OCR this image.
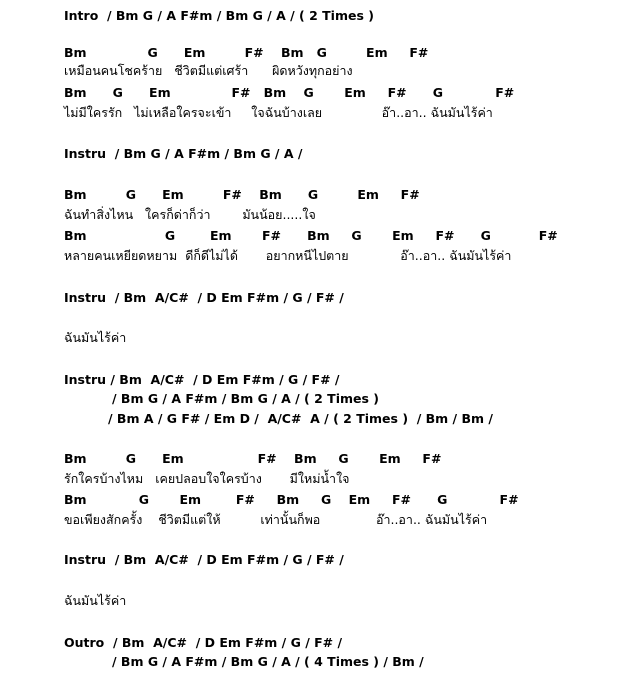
Intro  / Bm G / A F#m / Bm G / A / ( 2 Times )
Bm              G      Em         F#    Bm   G         Em     F#
เหมือนคนโชคร้าย   ชีวิตมีแต่เศร้า      ผิดหวังทุกอย่าง
Bm      G      Em              F#   Bm    G       Em     F#      G            F#
ไม่มีใครรัก   ไม่เหลือใครจะเข้า     ใจฉันบ้างเลย               อ๊า..อา.. ฉันมันไร้ค่า
Instru  / Bm G / A F#m / Bm G / A /
Bm         G      Em         F#    Bm      G         Em     F#
ฉันทำสิ่งไหน   ใครก็ด่าก็ว่า        มันน้อย.....ใจ
Bm                  G        Em       F#      Bm     G       Em     F#      G           F#
หลายคนเหยียดหยาม  ดีก็ดีไม่ได้       อยากหนีไปตาย             อ๊า..อา.. ฉันมันไร้ค่า
Instru  / Bm  A/C#  / D Em F#m / G / F# /
ฉันมันไร้ค่า
Instru / Bm  A/C#  / D Em F#m / G / F# /
/ Bm G / A F#m / Bm G / A / ( 2 Times )
/ Bm A / G F# / Em D /  A/C#  A / ( 2 Times )  / Bm / Bm /
Bm         G      Em                 F#    Bm     G       Em     F#
รักใครบ้างไหม   เคยปลอบใจใครบ้าง       มีใหม่น้ำใจ
Bm            G       Em        F#     Bm     G    Em     F#      G            F#
ขอเพียงสักครั้ง    ชีวิตมีแต่ให้          เท่านั้นก็พอ              อ๊า..อา.. ฉันมันไร้ค่า
Instru  / Bm  A/C#  / D Em F#m / G / F# /
ฉันมันไร้ค่า
Outro  / Bm  A/C#  / D Em F#m / G / F# /
/ Bm G / A F#m / Bm G / A / ( 4 Times ) / Bm /
